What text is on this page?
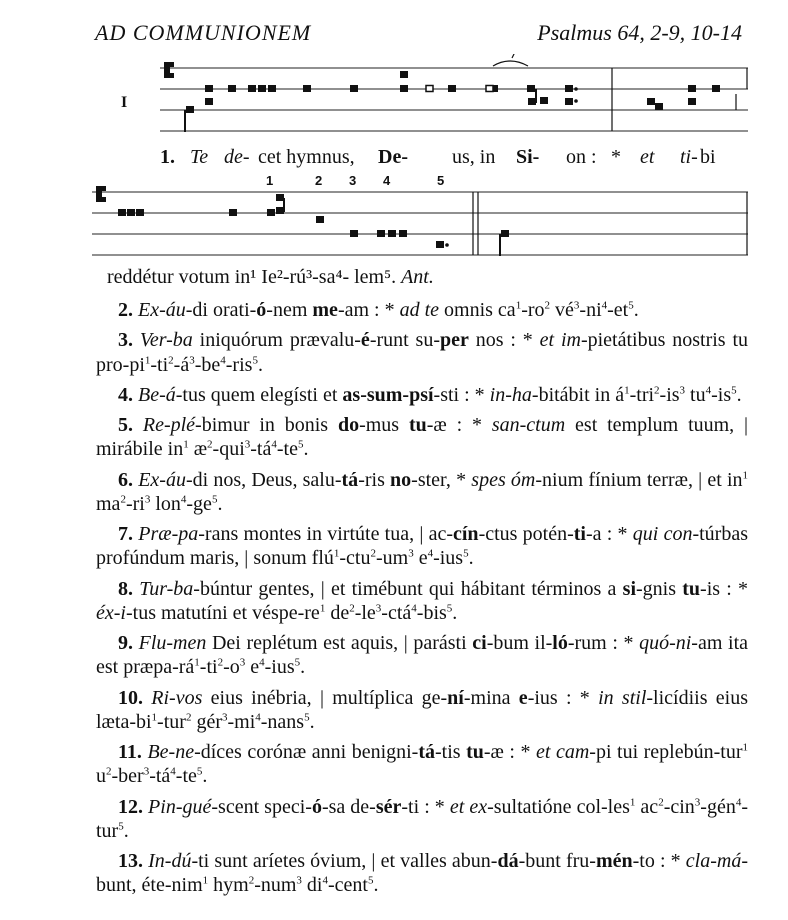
AD COMMUNIONEM	Psalmus 64, 2-9, 10-14
I
1. Te de- cet hymnus, De- us, in Si- on : * et ti- bi
1	2 3 4	5
reddétur votum in¹ Ie²-rú³-sa⁴- lem⁵. Ant.

2. Ex-áu-di orati-ó-nem me-am : * ad te omnis $ca^1-ro^2$ $vé^3-ni^4-et^5$.

3. Ver-ba iniquórum prævalu-é-runt su-per nos : * et im-pietátibus nostris tu pro-$pi^1-ti^2-á^3-be^4-ris^5$.

4. Be-á-tus quem elegísti et as-sum-psí-sti : * in-ha-bitábit in $á^1-tri^2-is^3$ $tu^4-is^5$.

5. Re-plé-bimur in bonis do-mus tu-æ : * san-ctum est templum tuum, | mirábile $in^1$ $æ^2-qui^3-tá^4-te^5$.

6. Ex-áu-di nos, Deus, salu-tá-ris no-ster, * spes óm-nium fínium terræ, | et $in^1$ $ma^2-ri^3$ $lon^4-ge^5$.

7. Præ-pa-rans montes in virtúte tua, | ac-cín-ctus potén-ti-a : * qui con-túrbas profúndum maris, | sonum $flú^1-ctu^2-um^3$ $e^4-ius^5$.

8. Tur-ba-búntur gentes, | et timébunt qui hábitant términos a si-gnis tu-is : * éx-i-tus matutíni et véspe-$re^1$ $de^2-le^3-ctá^4-bis^5$.

9. Flu-men Dei replétum est aquis, | parásti ci-bum il-ló-rum : * quó-ni-am ita est præpa-$rá^1-ti^2-o^3$ $e^4-ius^5$.

10. Ri-vos eius inébria, | multíplica ge-ní-mina e-ius : * in stil-licídiis eius læta-$bi^1-tur^2$ $gér^3-mi^4-nans^5$.

11. Be-ne-díces corónæ anni benigni-tá-tis tu-æ : * et cam-pi tui replebún-tur$^1$ $u^2-ber^3-tá^4-te^5$.

12. Pin-gué-scent speci-ó-sa de-sér-ti : * et ex-sultatióne col-les$^1$ $ac^2-cin^3-gén^4-tur^5$.

13. In-dú-ti sunt aríetes óvium, | et valles abun-dá-bunt fru-mén-to : * cla-má-bunt, éte-nim$^1$ hym$^2$-num$^3$ $di^4-cent^5$.
